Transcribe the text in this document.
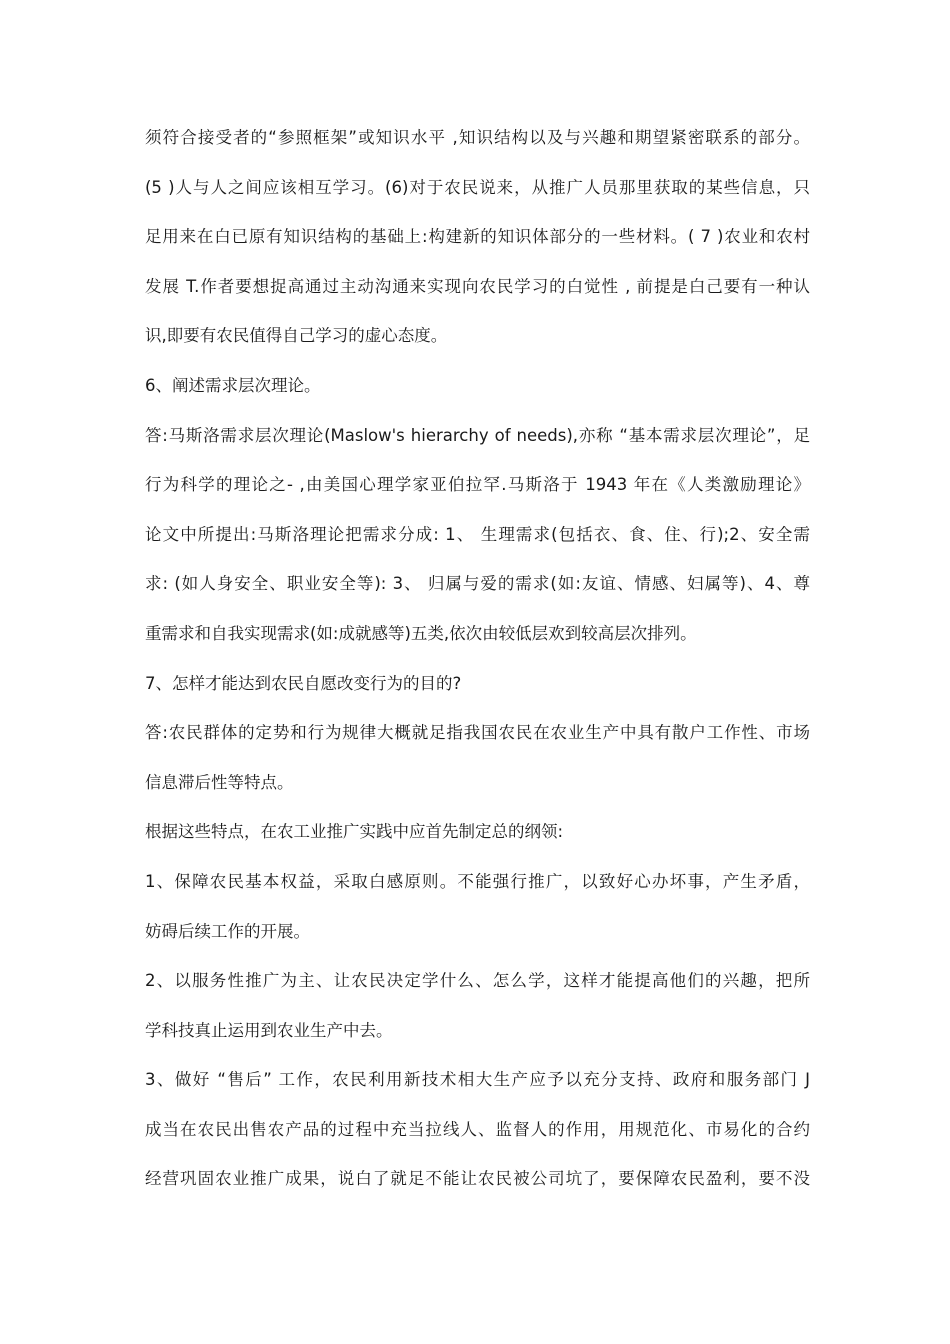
须符合接受者的“参照框架”或知识水平 ,知识结构以及与兴趣和期望紧密联系的部分。
(5 )人与人之间应该相互学习。(6)对于农民说来，从推广人员那里获取的某些信息，只
足用来在白已原有知识结构的基础上:构建新的知识体部分的一些材料。( 7 )农业和农村
发展 T.作者要想捉高通过主动沟通来实现向农民学习的白觉性 , 前提是白己要有一种认
识,即要有农民值得自己学习的虚心态度。
6、阐述需求层次理论。
答:马斯洛需求层次理论(Maslow's hierarchy of needs),亦称 “基本需求层次理论”，足
行为科学的理论之- ,由美国心理学家亚伯拉罕.马斯洛于 1943 年在《人类激励理论》
论文中所提出:马斯洛理论把需求分成: 1、 生理需求(包括衣、食、住、行);2、安全需
求: (如人身安全、职业安全等): 3、 归属与爱的需求(如:友谊、情感、妇属等)、4、尊
重需求和自我实现需求(如:成就感等)五类,依次由较低层欢到较高层次排列。
7、怎样才能达到农民自愿改变行为的目的?
答:农民群体的定势和行为规律大概就足指我国农民在农业生产中具有散户工作性、市场
信息滞后性等特点。
根据这些特点，在农工业推广实践中应首先制定总的纲领:
1、保障农民基本权益，采取白感原则。不能强行推广，以致好心办坏事，产生矛盾，
妨碍后续工作的开展。
2、以服务性推广为主、让农民决定学什么、怎么学，这样才能提高他们的兴趣，把所
学科技真止运用到农业生产中去。
3、做好 “售后” 工作，农民利用新技术相大生产应予以充分支持、政府和服务部门 J
成当在农民出售农产品的过程中充当拉线人、监督人的作用，用规范化、市易化的合约
经营巩固农业推广成果，说白了就足不能让农民被公司坑了，要保障农民盈利，要不没
